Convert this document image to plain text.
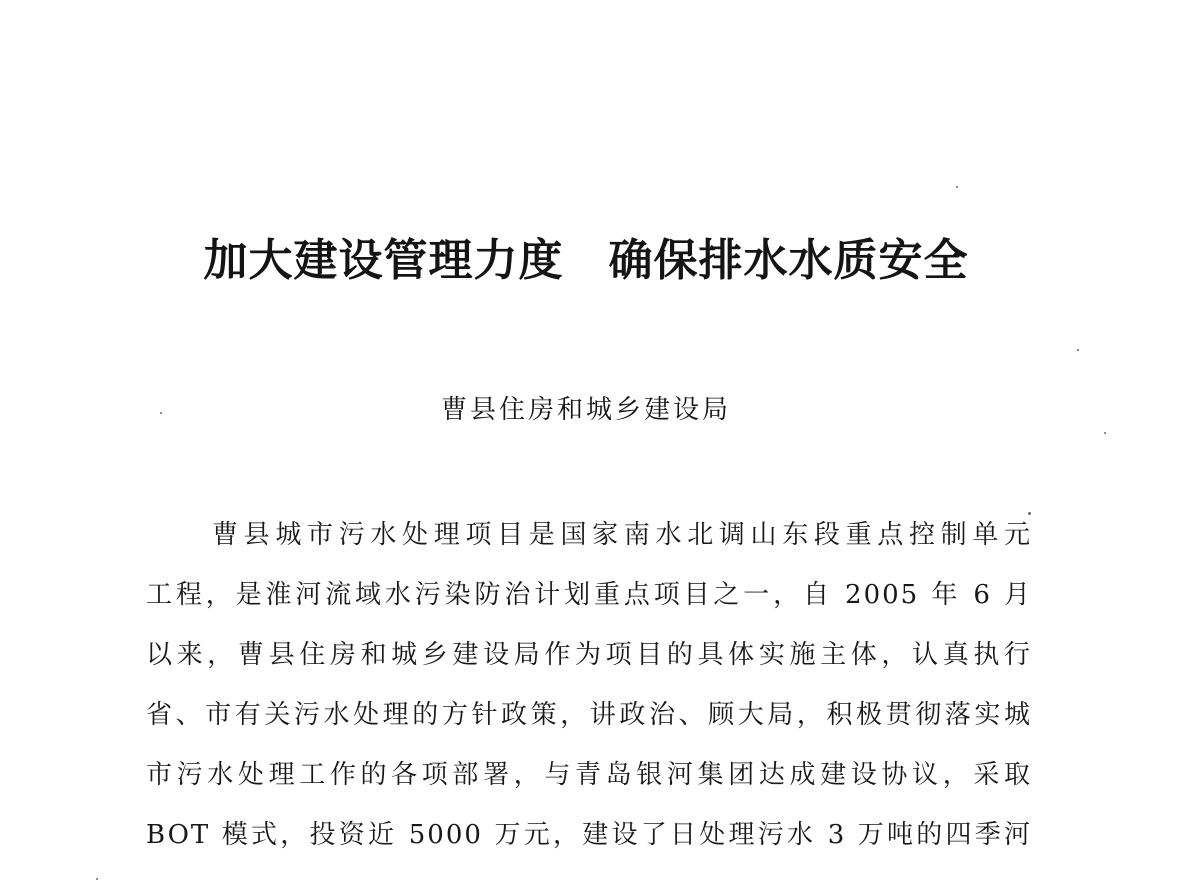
加大建设管理力度　确保排水水质安全
曹县住房和城乡建设局
曹县城市污水处理项目是国家南水北调山东段重点控制单元
工程，是淮河流域水污染防治计划重点项目之一，自 2005 年 6 月
以来，曹县住房和城乡建设局作为项目的具体实施主体，认真执行
省、市有关污水处理的方针政策，讲政治、顾大局，积极贯彻落实城
市污水处理工作的各项部署，与青岛银河集团达成建设协议，采取
BOT 模式，投资近 5000 万元，建设了日处理污水 3 万吨的四季河
